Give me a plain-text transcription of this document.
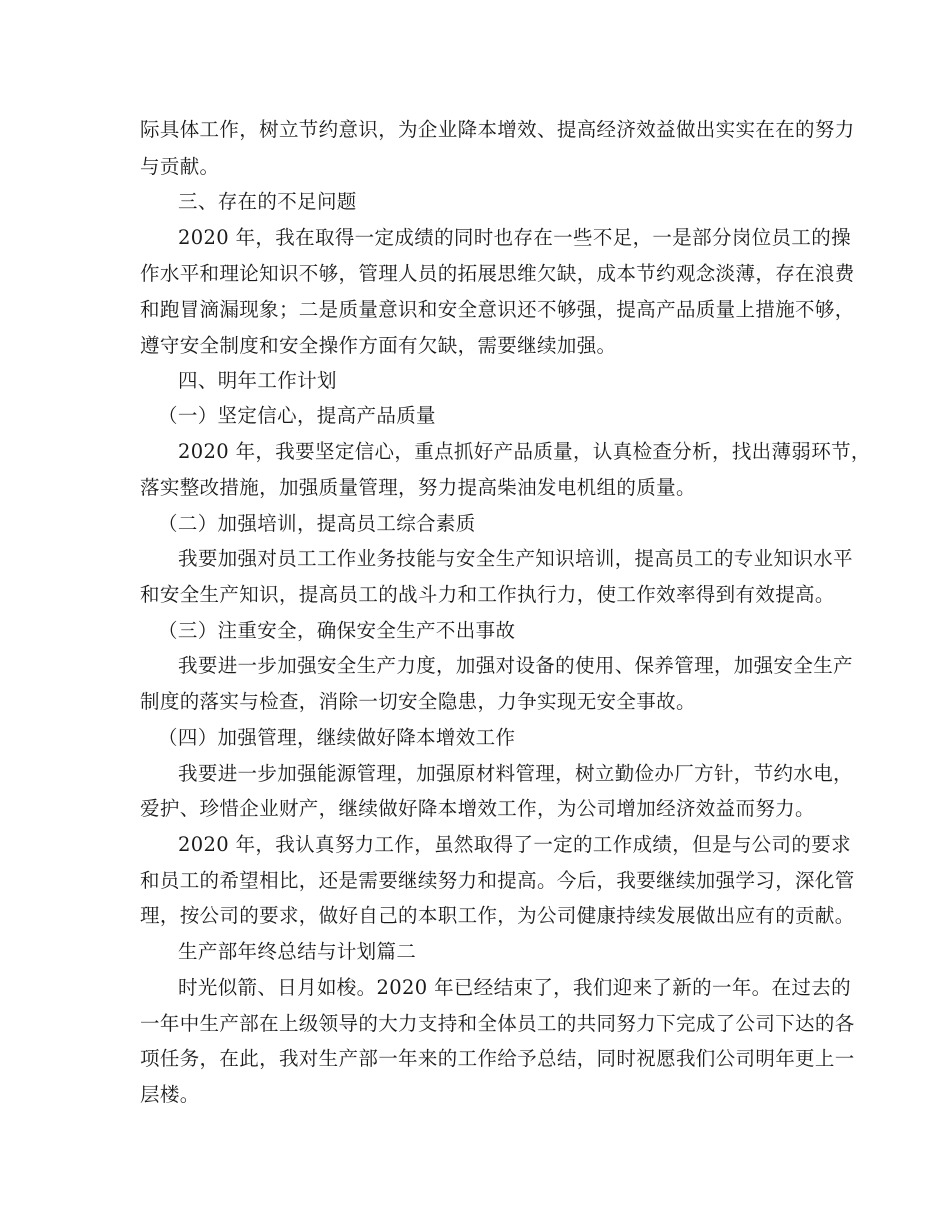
际具体工作，树立节约意识，为企业降本增效、提高经济效益做出实实在在的努力
与贡献。
三、存在的不足问题
2020 年，我在取得一定成绩的同时也存在一些不足，一是部分岗位员工的操
作水平和理论知识不够，管理人员的拓展思维欠缺，成本节约观念淡薄，存在浪费
和跑冒滴漏现象；二是质量意识和安全意识还不够强，提高产品质量上措施不够，
遵守安全制度和安全操作方面有欠缺，需要继续加强。
四、明年工作计划
（一）坚定信心，提高产品质量
2020 年，我要坚定信心，重点抓好产品质量，认真检查分析，找出薄弱环节，
落实整改措施，加强质量管理，努力提高柴油发电机组的质量。
（二）加强培训，提高员工综合素质
我要加强对员工工作业务技能与安全生产知识培训，提高员工的专业知识水平
和安全生产知识，提高员工的战斗力和工作执行力，使工作效率得到有效提高。
（三）注重安全，确保安全生产不出事故
我要进一步加强安全生产力度，加强对设备的使用、保养管理，加强安全生产
制度的落实与检查，消除一切安全隐患，力争实现无安全事故。
（四）加强管理，继续做好降本增效工作
我要进一步加强能源管理，加强原材料管理，树立勤俭办厂方针，节约水电，
爱护、珍惜企业财产，继续做好降本增效工作，为公司增加经济效益而努力。
2020 年，我认真努力工作，虽然取得了一定的工作成绩，但是与公司的要求
和员工的希望相比，还是需要继续努力和提高。今后，我要继续加强学习，深化管
理，按公司的要求，做好自己的本职工作，为公司健康持续发展做出应有的贡献。
生产部年终总结与计划篇二
时光似箭、日月如梭。2020 年已经结束了，我们迎来了新的一年。在过去的
一年中生产部在上级领导的大力支持和全体员工的共同努力下完成了公司下达的各
项任务，在此，我对生产部一年来的工作给予总结，同时祝愿我们公司明年更上一
层楼。
